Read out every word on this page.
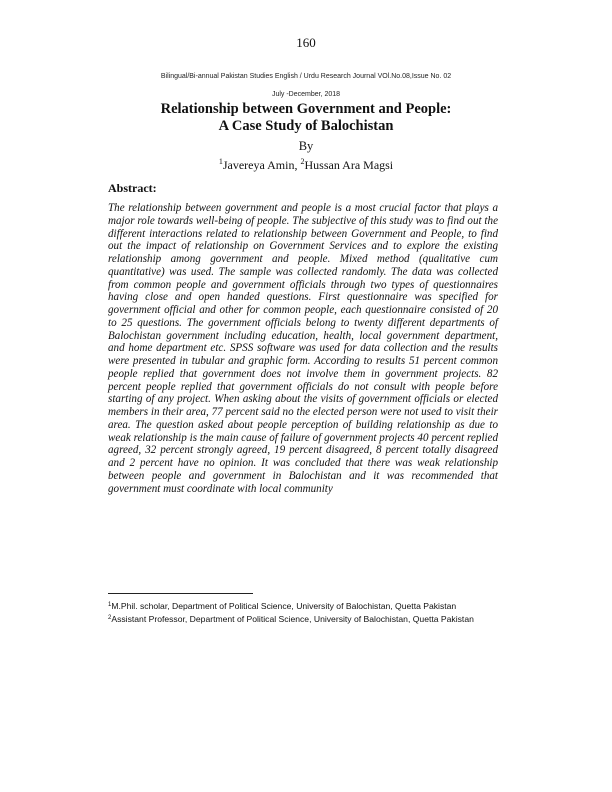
160
Bilingual/Bi-annual Pakistan Studies English / Urdu Research Journal VOl.No.08,Issue No. 02
July -December, 2018
Relationship between Government and People:
A Case Study of Balochistan
By
$^1$Javereya Amin, $^2$Hussan Ara Magsi
Abstract:

The relationship between government and people is a most crucial factor that plays a major role towards well-being of people. The subjective of this study was to find out the different interactions related to relationship between Government and People, to find out the impact of relationship on Government Services and to explore the existing relationship among government and people. Mixed method (qualitative cum quantitative) was used. The sample was collected randomly. The data was collected from common people and government officials through two types of questionnaires having close and open handed questions. First questionnaire was specified for government official and other for common people, each questionnaire consisted of 20 to 25 questions. The government officials belong to twenty different departments of Balochistan government including education, health, local government department, and home department etc. SPSS software was used for data collection and the results were presented in tubular and graphic form. According to results 51 percent common people replied that government does not involve them in government projects. 82 percent people replied that government officials do not consult with people before starting of any project. When asking about the visits of government officials or elected members in their area, 77 percent said no the elected person were not used to visit their area. The question asked about people perception of building relationship as due to weak relationship is the main cause of failure of government projects 40 percent replied agreed, 32 percent strongly agreed, 19 percent disagreed, 8 percent totally disagreed and 2 percent have no opinion. It was concluded that there was weak relationship between people and government in Balochistan and it was recommended that government must coordinate with local community

$^1$M.Phil. scholar, Department of Political Science, University of Balochistan, Quetta Pakistan

$^2$Assistant Professor, Department of Political Science, University of Balochistan, Quetta Pakistan
